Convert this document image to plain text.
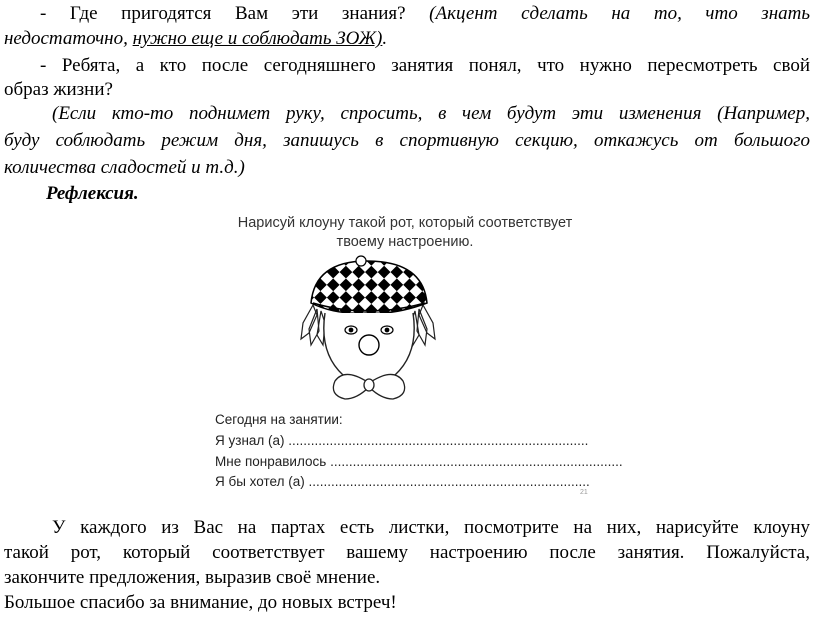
- Где пригодятся Вам эти знания? (Акцент сделать на то, что знать
недостаточно, нужно еще и соблюдать ЗОЖ).
- Ребята, а кто после сегодняшнего занятия понял, что нужно пересмотреть свой
образ жизни?
(Если кто-то поднимет руку, спросить, в чем будут эти изменения (Например,
буду соблюдать режим дня, запишусь в спортивную секцию, откажусь от большого
количества сладостей и т.д.)
Рефлексия.
Нарисуй клоуну такой рот, который соответствует
твоему настроению.
Сегодня на занятии:
Я узнал (а) ................................................................................
Мне понравилось ..............................................................................
Я бы хотел (а) ...........................................................................
21
У каждого из Вас на партах есть листки, посмотрите на них, нарисуйте клоуну
такой рот, который соответствует вашему настроению после занятия. Пожалуйста,
закончите предложения, выразив своё мнение.
Большое спасибо за внимание, до новых встреч!
